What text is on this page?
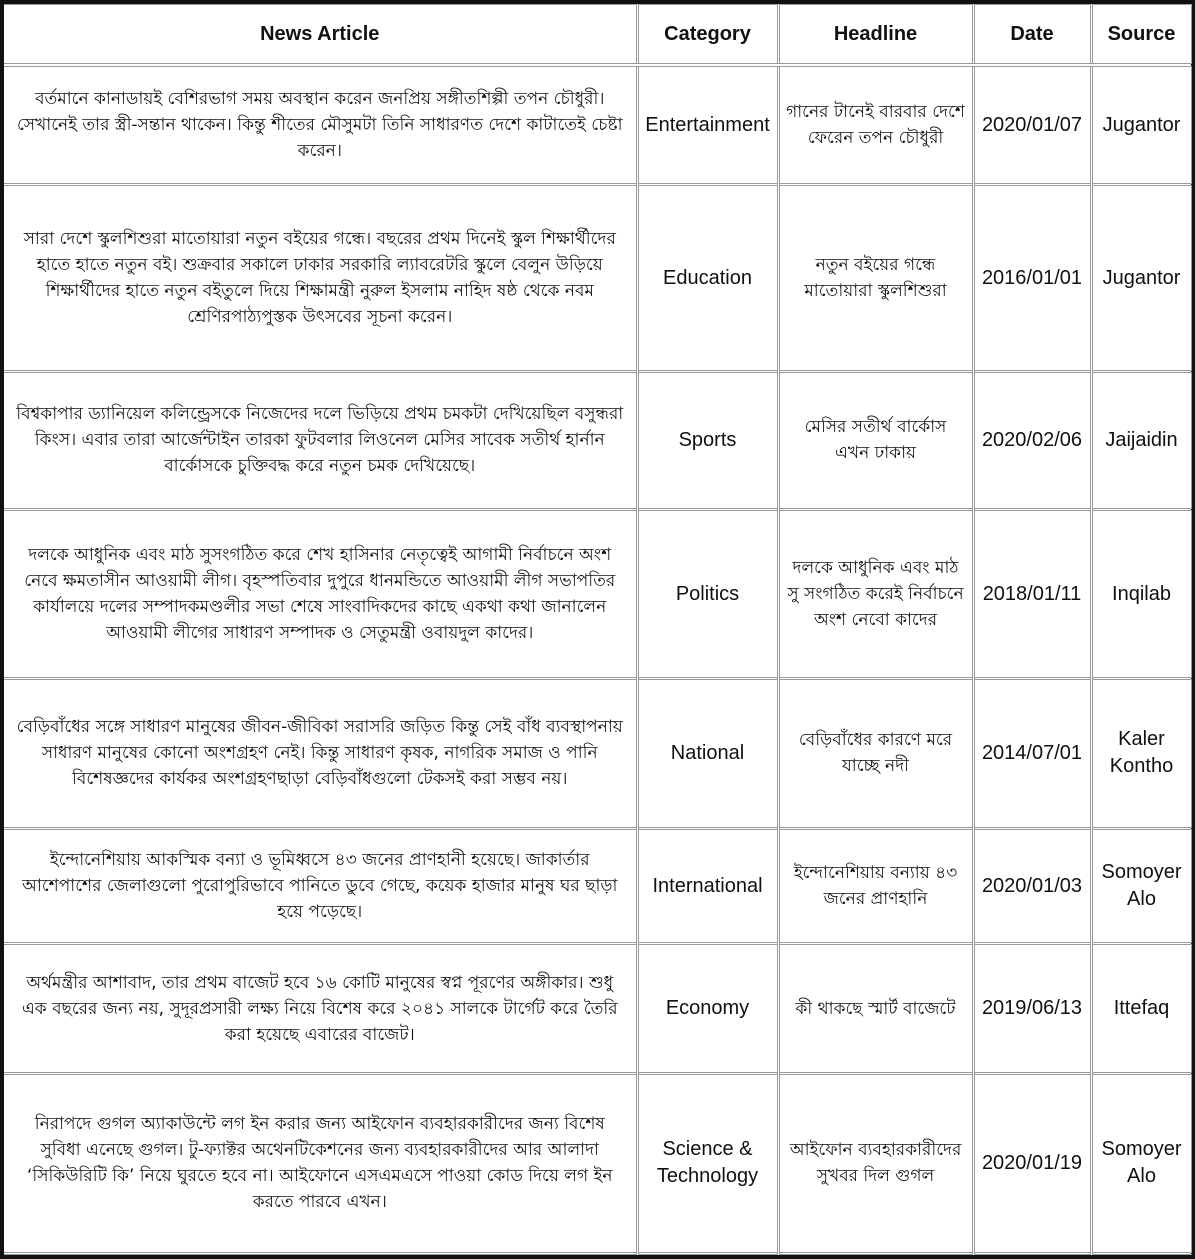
News Article	Category	Headline	Date	Source
বর্তমানে কানাডায়ই বেশিরভাগ সময় অবস্থান করেন জনপ্রিয় সঙ্গীতশিল্পী তপন চৌধুরী। সেখানেই তার স্ত্রী-সন্তান থাকেন। কিন্তু শীতের মৌসুমটা তিনি সাধারণত দেশে কাটাতেই চেষ্টা করেন।	Entertainment	গানের টানেই বারবার দেশে ফেরেন তপন চৌধুরী	2020/01/07	Jugantor
সারা দেশে স্কুলশিশুরা মাতোয়ারা নতুন বইয়ের গন্ধে। বছরের প্রথম দিনেই স্কুল শিক্ষার্থীদের হাতে হাতে নতুন বই। শুক্রবার সকালে ঢাকার সরকারি ল্যাবরেটরি স্কুলে বেলুন উড়িয়ে শিক্ষার্থীদের হাতে নতুন বইতুলে দিয়ে শিক্ষামন্ত্রী নুরুল ইসলাম নাহিদ ষষ্ঠ থেকে নবম শ্রেণিরপাঠ্যপুস্তক উৎসবের সূচনা করেন।	Education	নতুন বইয়ের গন্ধে মাতোয়ারা স্কুলশিশুরা	2016/01/01	Jugantor
বিশ্বকাপার ড্যানিয়েল কলিন্ড্রেসকে নিজেদের দলে ভিড়িয়ে প্রথম চমকটা দেখিয়েছিল বসুন্ধরা কিংস। এবার তারা আর্জেন্টাইন তারকা ফুটবলার লিওনেল মেসির সাবেক সতীর্থ হার্নান বার্কোসকে চুক্তিবদ্ধ করে নতুন চমক দেখিয়েছে।	Sports	মেসির সতীর্থ বার্কোস এখন ঢাকায়	2020/02/06	Jaijaidin
দলকে আধুনিক এবং মাঠ সুসংগঠিত করে শেখ হাসিনার নেতৃত্বেই আগামী নির্বাচনে অংশ নেবে ক্ষমতাসীন আওয়ামী লীগ। বৃহস্পতিবার দুপুরে ধানমন্ডিতে আওয়ামী লীগ সভাপতির কার্যালয়ে দলের সম্পাদকমণ্ডলীর সভা শেষে সাংবাদিকদের কাছে একথা কথা জানালেন আওয়ামী লীগের সাধারণ সম্পাদক ও সেতুমন্ত্রী ওবায়দুল কাদের।	Politics	দলকে আধুনিক এবং মাঠ সু সংগঠিত করেই নির্বাচনে অংশ নেবো কাদের	2018/01/11	Inqilab
বেড়িবাঁধের সঙ্গে সাধারণ মানুষের জীবন-জীবিকা সরাসরি জড়িত কিন্তু সেই বাঁধ ব্যবস্থাপনায় সাধারণ মানুষের কোনো অংশগ্রহণ নেই। কিন্তু সাধারণ কৃষক, নাগরিক সমাজ ও পানি বিশেষজ্ঞদের কার্যকর অংশগ্রহণছাড়া বেড়িবাঁধগুলো টেকসই করা সম্ভব নয়।	National	বেড়িবাঁধের কারণে মরে যাচ্ছে নদী	2014/07/01	Kaler Kontho
ইন্দোনেশিয়ায় আকস্মিক বন্যা ও ভূমিধ্বসে ৪৩ জনের প্রাণহানী হয়েছে। জাকার্তার আশেপাশের জেলাগুলো পুরোপুরিভাবে পানিতে ডুবে গেছে, কয়েক হাজার মানুষ ঘর ছাড়া হয়ে পড়েছে।	International	ইন্দোনেশিয়ায় বন্যায় ৪৩ জনের প্রাণহানি	2020/01/03	Somoyer Alo
অর্থমন্ত্রীর আশাবাদ, তার প্রথম বাজেট হবে ১৬ কোটি মানুষের স্বপ্ন পূরণের অঙ্গীকার। শুধু এক বছরের জন্য নয়, সুদূরপ্রসারী লক্ষ্য নিয়ে বিশেষ করে ২০৪১ সালকে টার্গেট করে তৈরি করা হয়েছে এবারের বাজেট।	Economy	কী থাকছে স্মার্ট বাজেটে	2019/06/13	Ittefaq
নিরাপদে গুগল অ্যাকাউন্টে লগ ইন করার জন্য আইফোন ব্যবহারকারীদের জন্য বিশেষ সুবিধা এনেছে গুগল। টু-ফ্যাক্টর অথেনটিকেশনের জন্য ব্যবহারকারীদের আর আলাদা ‘সিকিউরিটি কি’ নিয়ে ঘুরতে হবে না। আইফোনে এসএমএসে পাওয়া কোড দিয়ে লগ ইন করতে পারবে এখন।	Science & Technology	আইফোন ব্যবহারকারীদের সুখবর দিল গুগল	2020/01/19	Somoyer Alo
